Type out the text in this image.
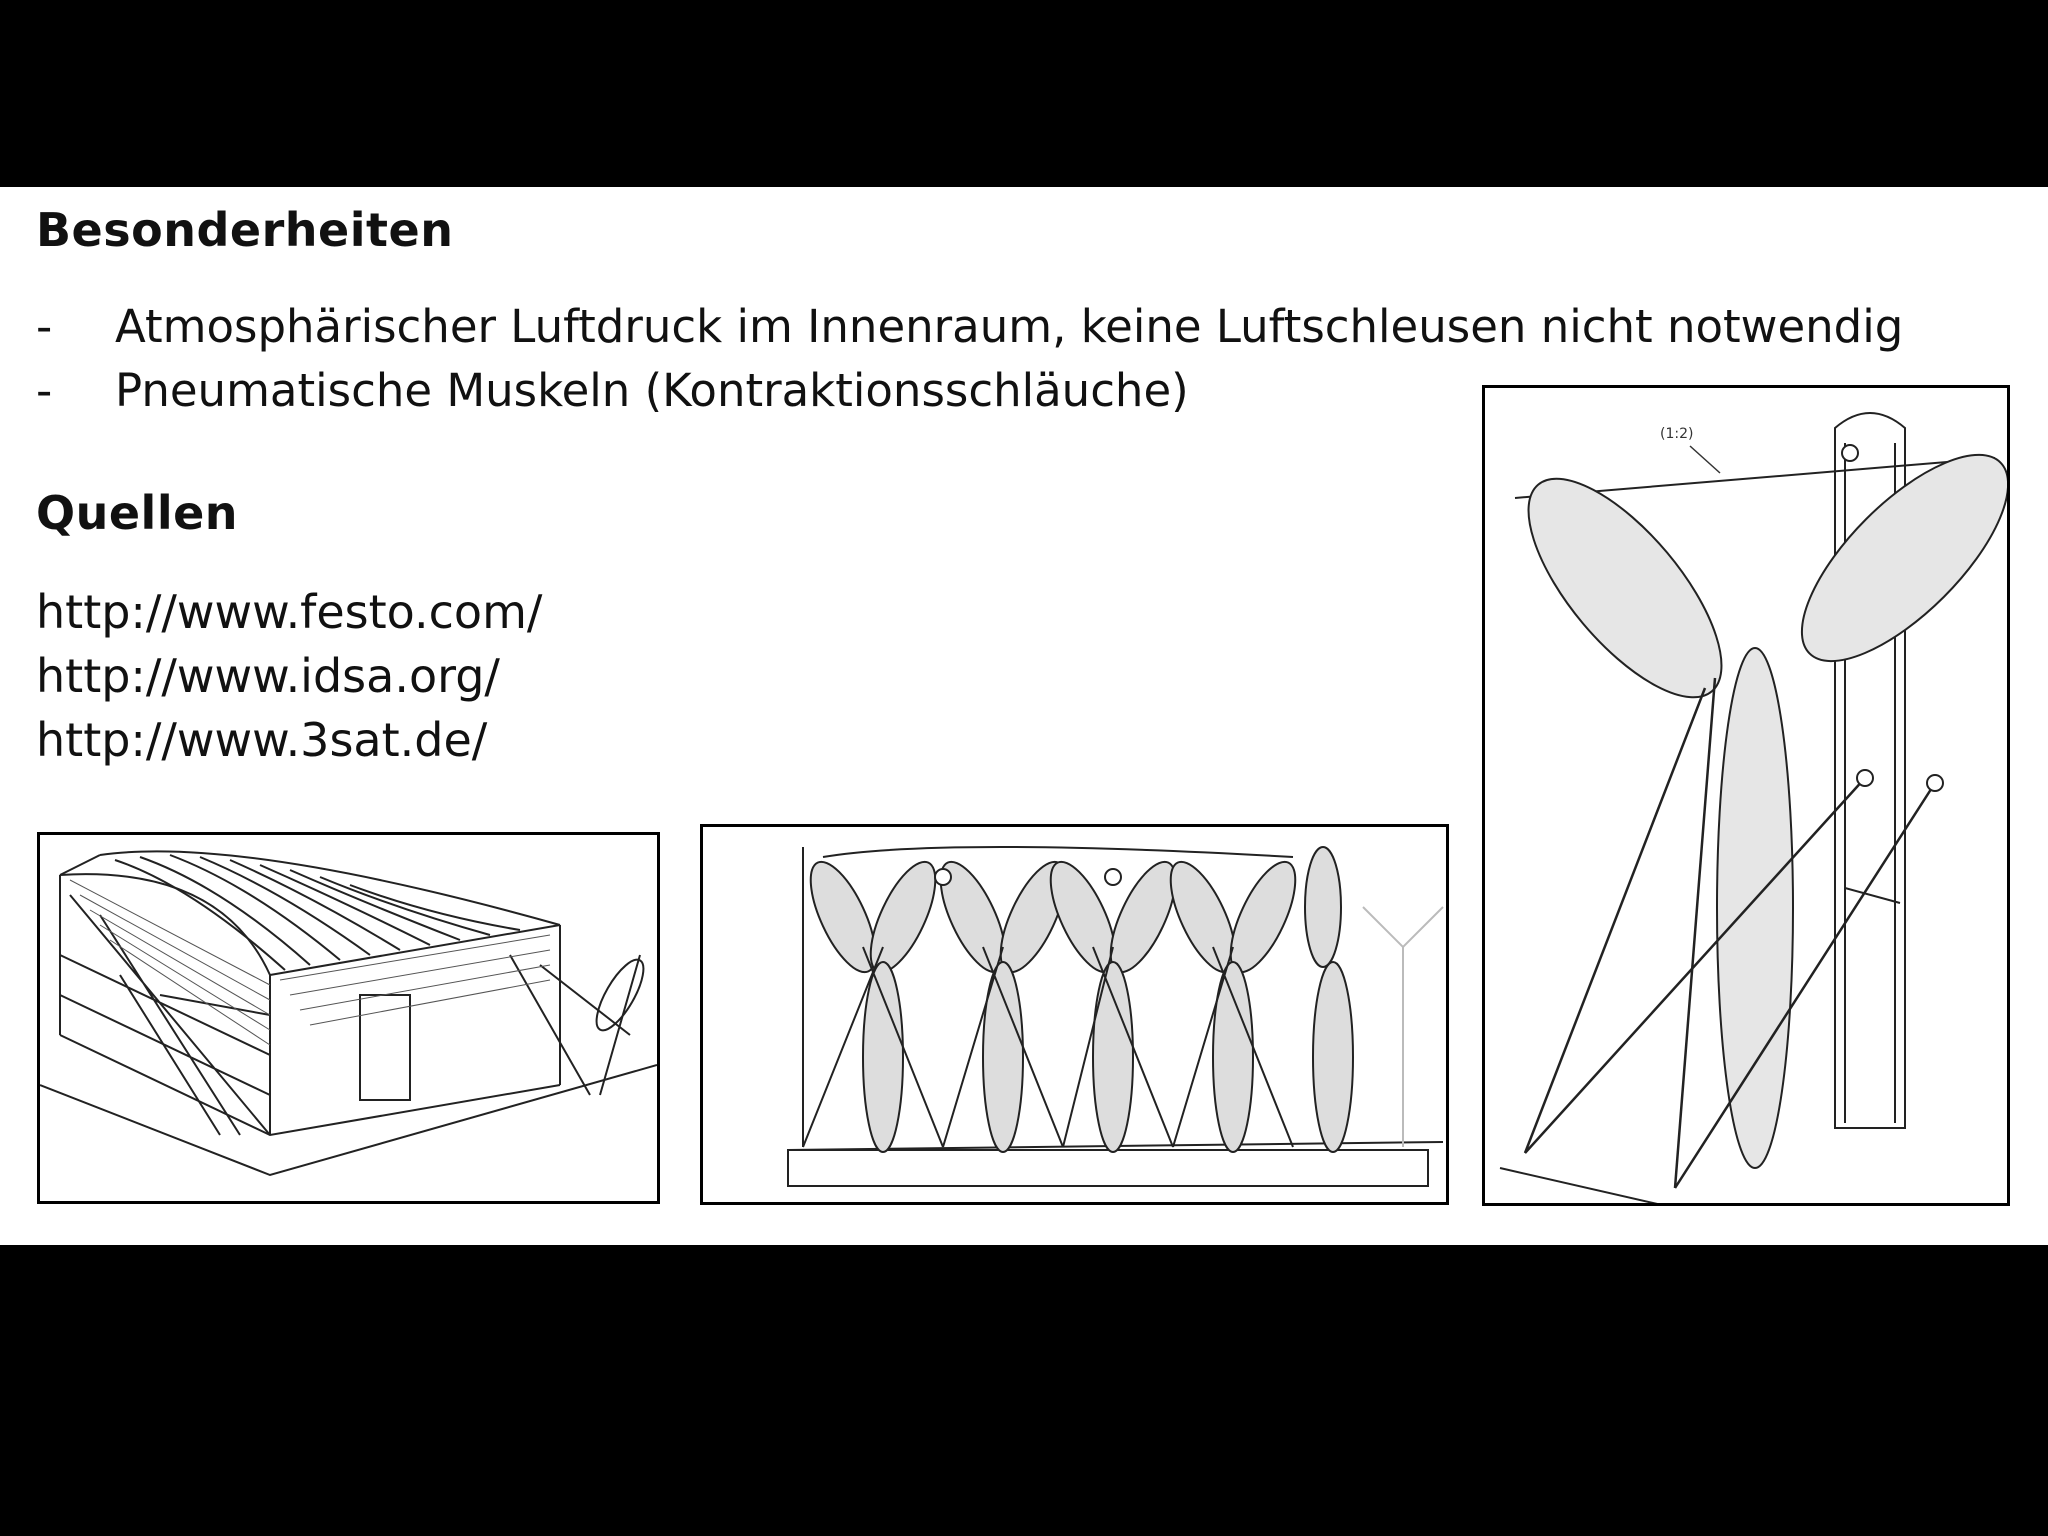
Besonderheiten
- Atmosphärischer Luftdruck im Innenraum, keine Luftschleusen nicht notwendig
- Pneumatische Muskeln (Kontraktionsschläuche)
Quellen
http://www.festo.com/
http://www.idsa.org/
http://www.3sat.de/
(1:2)
